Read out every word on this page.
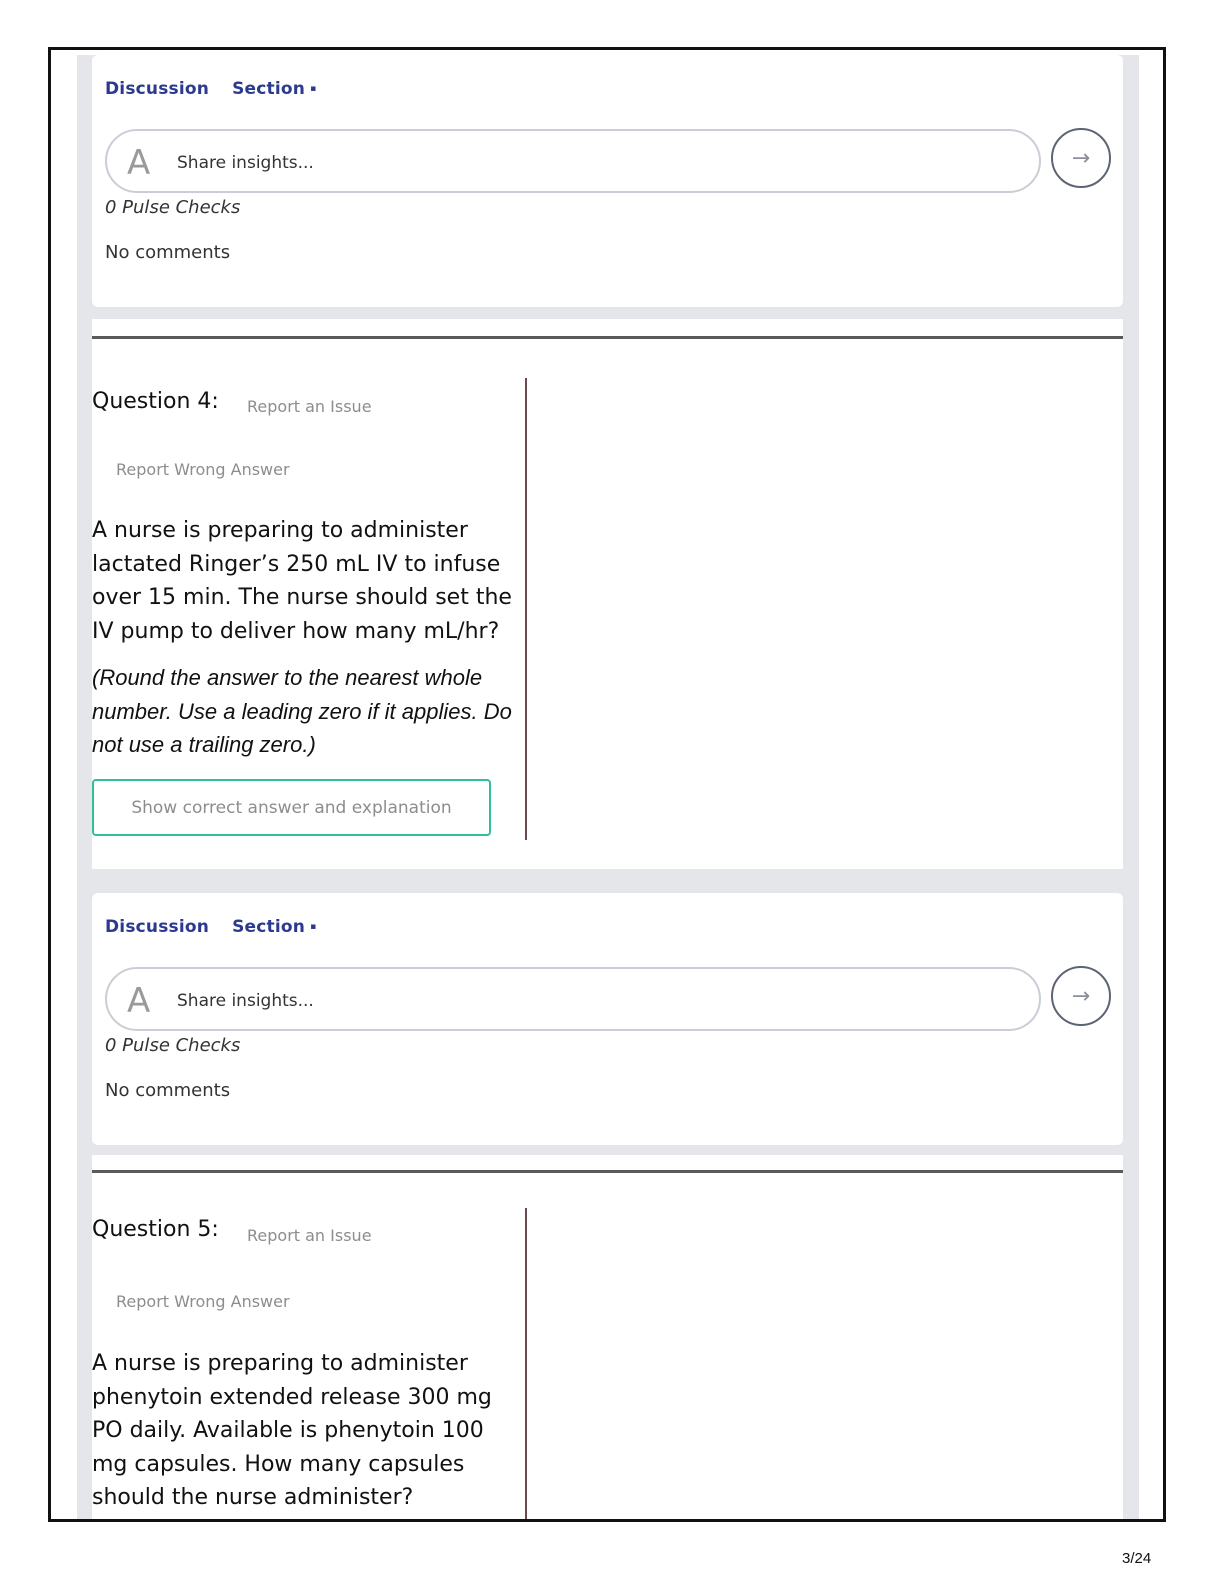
Discussion Section ▪
A
Share insights...	→
0 Pulse Checks
No comments
Question 4: Report an Issue
Report Wrong Answer
A nurse is preparing to administer lactated Ringer’s 250 mL IV to infuse over 15 min. The nurse should set the IV pump to deliver how many mL/hr?
(Round the answer to the nearest whole number. Use a leading zero if it applies. Do not use a trailing zero.)
Show correct answer and explanation
Discussion Section ▪
A
Share insights...	→
0 Pulse Checks
No comments
Question 5: Report an Issue
Report Wrong Answer
A nurse is preparing to administer phenytoin extended release 300 mg PO daily. Available is phenytoin 100 mg capsules. How many capsules should the nurse administer?
3/24
